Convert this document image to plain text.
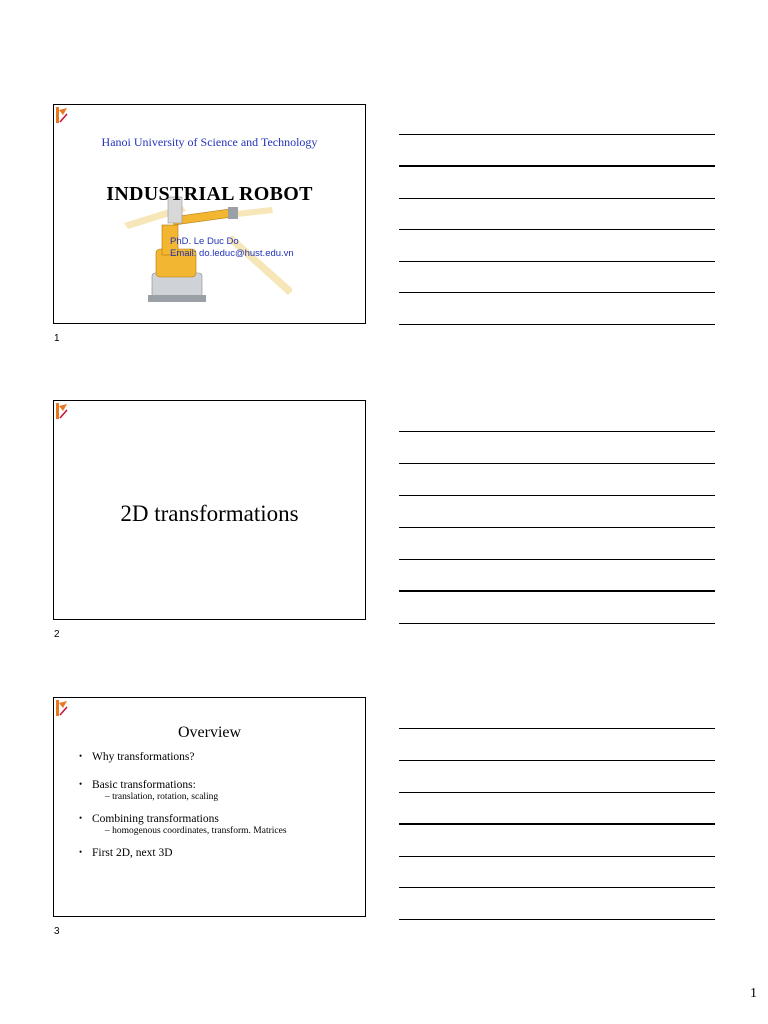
Hanoi University of Science and Technology
INDUSTRIAL ROBOT
PhD. Le Duc Do
Email: do.leduc@hust.edu.vn
1
2D transformations
2
Overview
• Why transformations?
• Basic transformations:
– translation, rotation, scaling
• Combining transformations
– homogenous coordinates, transform. Matrices
• First 2D, next 3D
3
1
